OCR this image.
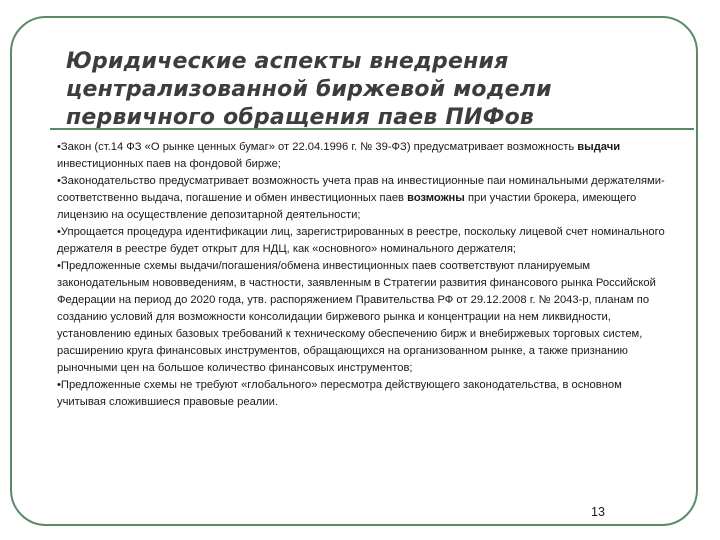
Юридические аспекты внедрения
централизованной биржевой модели
первичного обращения паев ПИФов

•Закон (ст.14 ФЗ «О рынке ценных бумаг» от 22.04.1996 г. № 39-ФЗ) предусматривает возможность выдачи инвестиционных паев на фондовой бирже;

•Законодательство предусматривает возможность учета прав на инвестиционные паи номинальными держателями- соответственно выдача, погашение и обмен инвестиционных паев возможны при участии брокера, имеющего лицензию на осуществление депозитарной деятельности;

•Упрощается процедура идентификации лиц, зарегистрированных в реестре, поскольку лицевой счет номинального держателя в реестре будет открыт для НДЦ, как «основного» номинального держателя;

•Предложенные схемы выдачи/погашения/обмена инвестиционных паев соответствуют планируемым законодательным нововведениям, в частности, заявленным в Стратегии развития финансового рынка Российской Федерации на период до 2020 года, утв. распоряжением Правительства РФ от 29.12.2008 г. № 2043-р, планам по созданию условий для возможности консолидации биржевого рынка и концентрации на нем ликвидности, установлению единых базовых требований к техническому обеспечению бирж и внебиржевых торговых систем, расширению круга финансовых инструментов, обращающихся на организованном рынке, а также признанию рыночными цен на большое количество финансовых инструментов;

•Предложенные схемы не требуют «глобального» пересмотра действующего законодательства, в основном учитывая сложившиеся правовые реалии.

13
